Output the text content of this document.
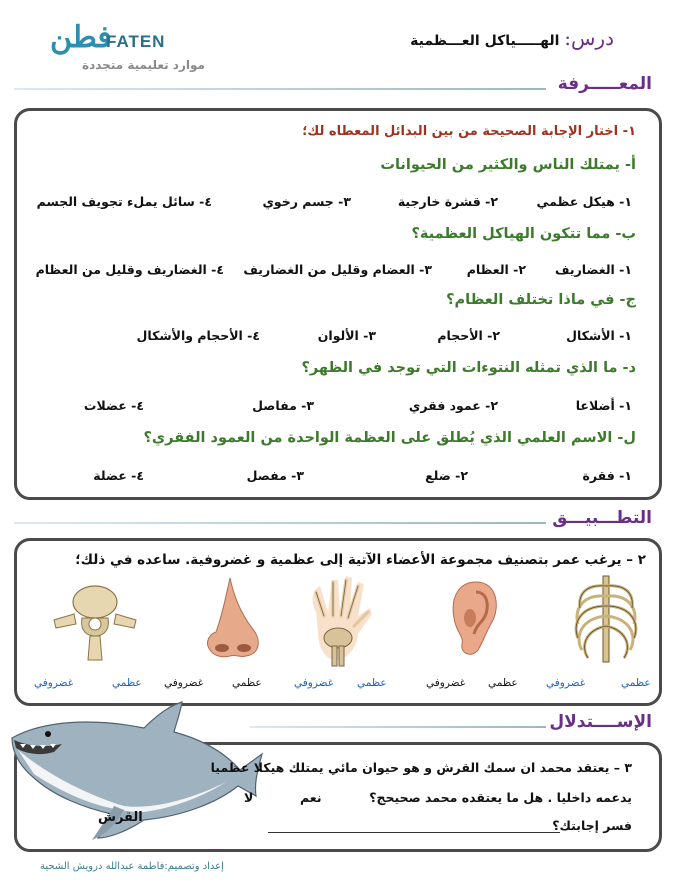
فطن
FATEN
موارد تعليمية متجددة
درس: الهـــــياكل العـــظمية
المعـــــرفة
١- اختار الإجابة الصحيحة من بين البدائل المعطاه لك؛
أ- يمتلك الناس والكثير من الحيوانات
١- هيكل عظمي
٢- قشرة خارجية
٣- جسم رخوي
٤- سائل يملء تجويف الجسم
ب- مما تتكون الهياكل العظمية؟
١- الغضاريف
٢- العظام
٣- العضام وقليل من الغضاريف
٤- الغضاريف وقليل من العظام
ج- في ماذا تختلف العظام؟
١- الأشكال
٢- الأحجام
٣- الألوان
٤- الأحجام والأشكال
د- ما الذي تمثله النتوءات التي توجد في الظهر؟
١- أضلاعا
٢- عمود فقري
٣- مفاصل
٤- عضلات
ل- الاسم العلمي الذي يُطلق على العظمة الواحدة من العمود الفقري؟
١- فقرة
٢- ضلع
٣- مفصل
٤- عضلة
التطـــبيـــق
٢ – يرغب عمر بتصنيف مجموعة الأعضاء الآتية إلى عظمية و غضروفية. ساعده في ذلك؛
عظمي
غضروفي
عظمي
غضروفي
عظمي
غضروفي
عظمي
غضروفي
عظمي
غضروفي
الإســــتدلال
القرش
٣ – يعتقد محمد ان سمك القرش و هو حيوان مائي يمتلك هيكلا عظميا
يدعمه داخليا . هل ما يعتقده محمد صحيحج؟
نعم
لا
فسر إجابتك؟
إعداد وتصميم:فاطمة عبدالله درويش الشحية
